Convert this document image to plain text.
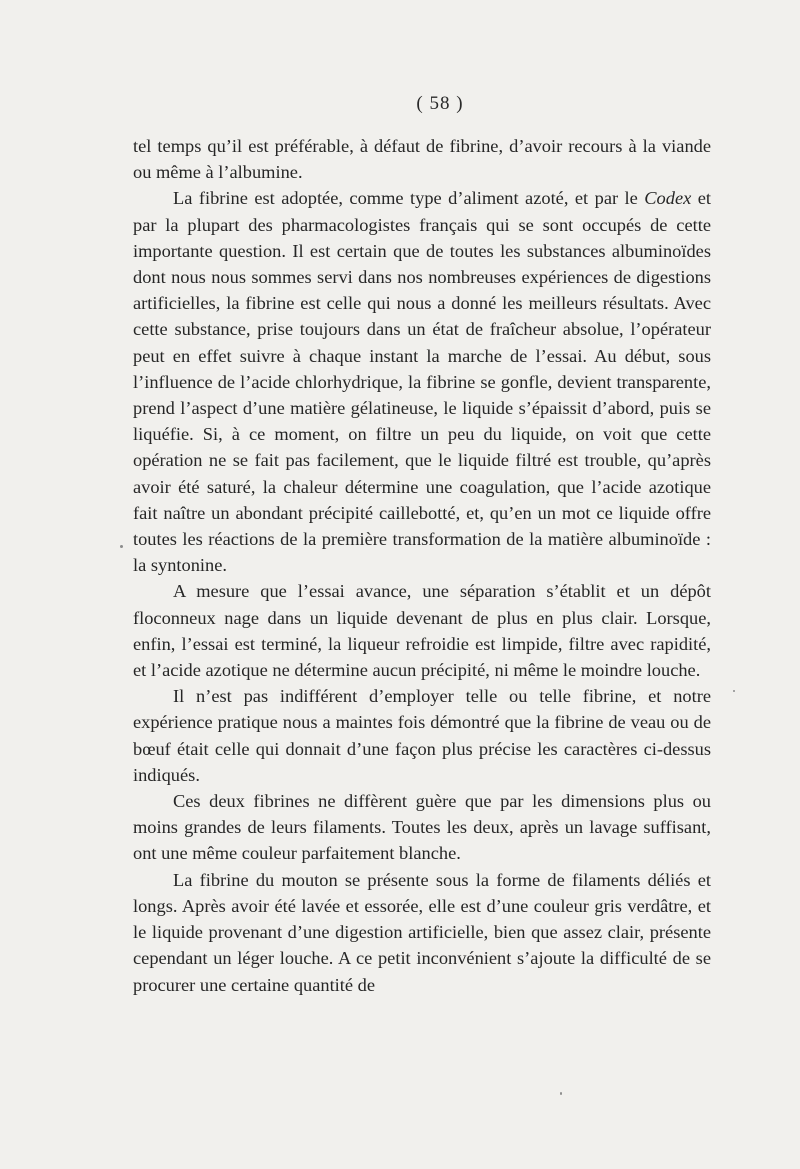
( 58 )

tel temps qu’il est préférable, à défaut de fibrine, d’avoir recours à la viande ou même à l’albumine.

La fibrine est adoptée, comme type d’aliment azoté, et par le Codex et par la plupart des pharmacologistes français qui se sont occupés de cette importante question. Il est certain que de toutes les substances albuminoïdes dont nous nous sommes servi dans nos nombreuses expériences de digestions artificielles, la fibrine est celle qui nous a donné les meilleurs résultats. Avec cette substance, prise toujours dans un état de fraîcheur absolue, l’opérateur peut en effet suivre à chaque instant la marche de l’essai. Au début, sous l’influence de l’acide chlorhydrique, la fibrine se gonfle, devient transparente, prend l’aspect d’une matière gélatineuse, le liquide s’épaissit d’abord, puis se liquéfie. Si, à ce moment, on filtre un peu du liquide, on voit que cette opération ne se fait pas facilement, que le liquide filtré est trouble, qu’après avoir été saturé, la chaleur détermine une coagulation, que l’acide azotique fait naître un abondant précipité caillebotté, et, qu’en un mot ce liquide offre toutes les réactions de la première transformation de la matière albuminoïde : la syntonine.

A mesure que l’essai avance, une séparation s’établit et un dépôt floconneux nage dans un liquide devenant de plus en plus clair. Lorsque, enfin, l’essai est terminé, la liqueur refroidie est limpide, filtre avec rapidité, et l’acide azotique ne détermine aucun précipité, ni même le moindre louche.

Il n’est pas indifférent d’employer telle ou telle fibrine, et notre expérience pratique nous a maintes fois démontré que la fibrine de veau ou de bœuf était celle qui donnait d’une façon plus précise les caractères ci-dessus indiqués.

Ces deux fibrines ne diffèrent guère que par les dimensions plus ou moins grandes de leurs filaments. Toutes les deux, après un lavage suffisant, ont une même couleur parfaitement blanche.

La fibrine du mouton se présente sous la forme de filaments déliés et longs. Après avoir été lavée et essorée, elle est d’une couleur gris verdâtre, et le liquide provenant d’une digestion artificielle, bien que assez clair, présente cependant un léger louche. A ce petit inconvénient s’ajoute la difficulté de se procurer une certaine quantité de
